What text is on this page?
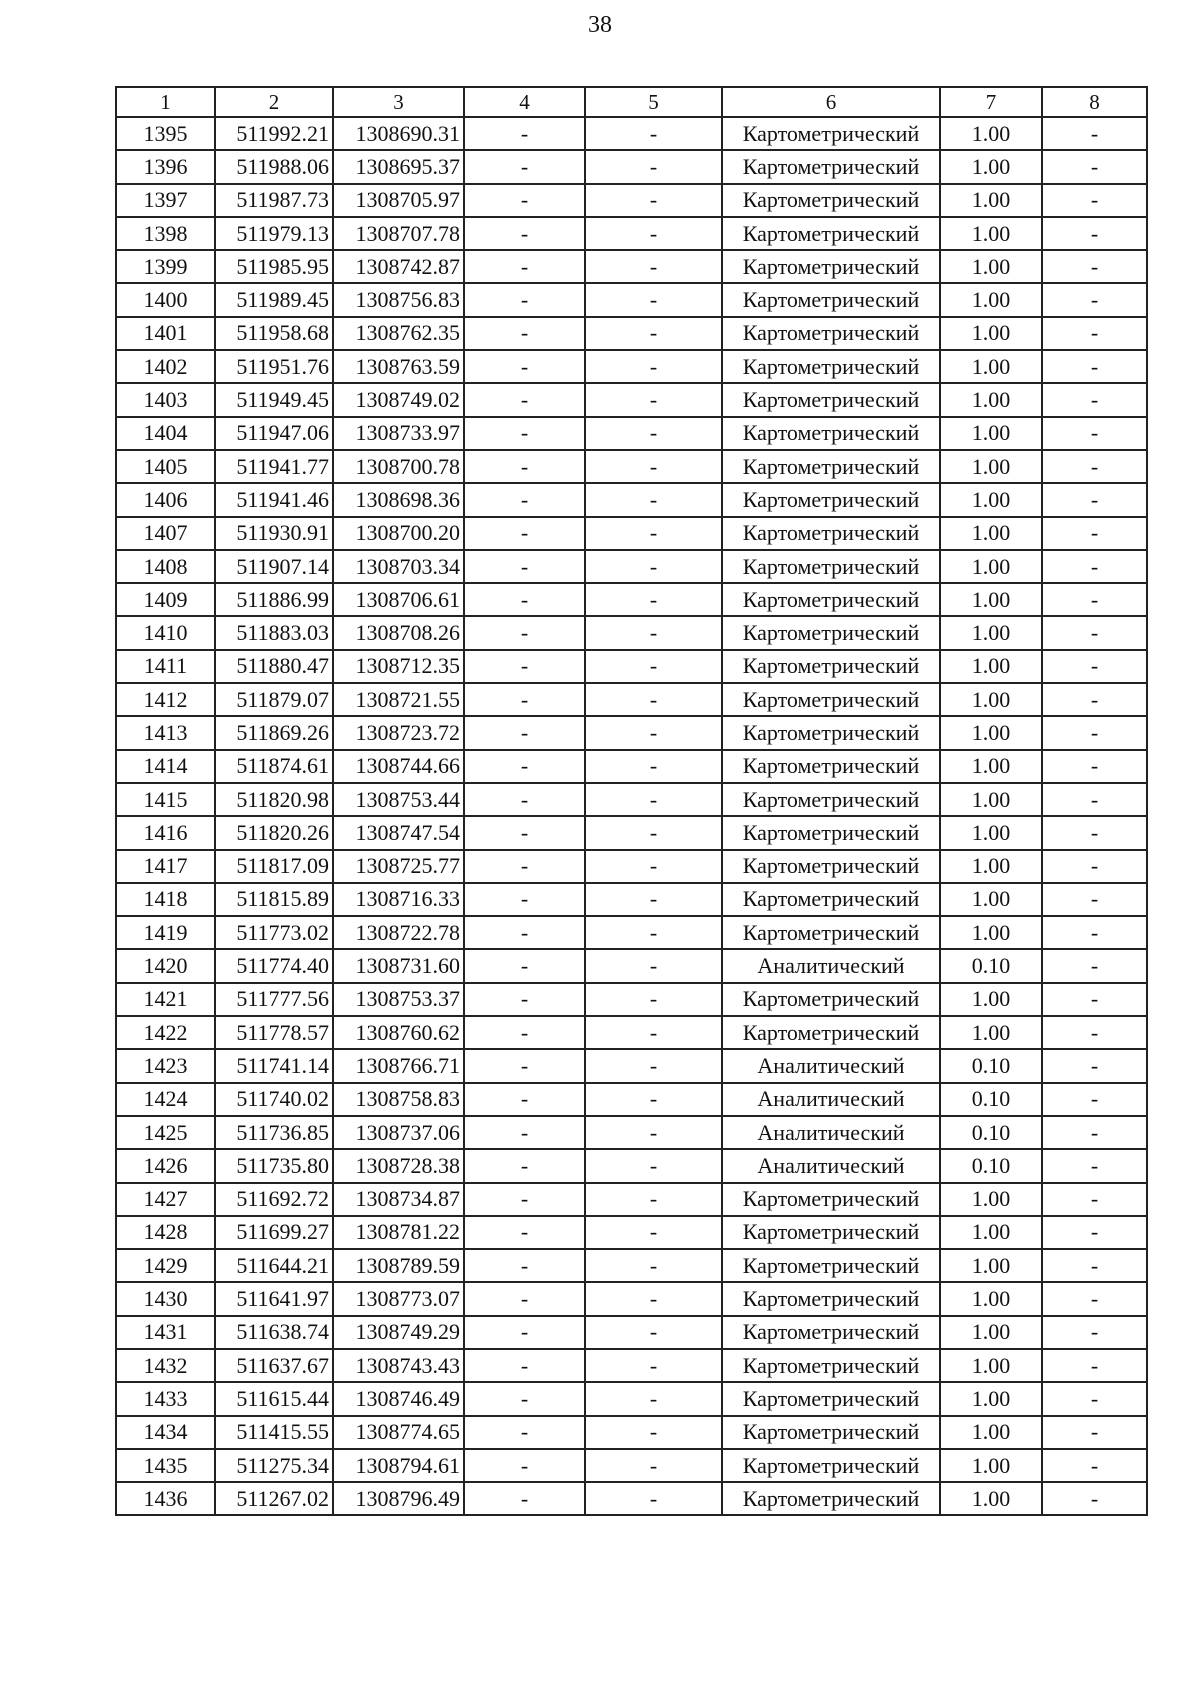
38
1	2	3	4	5	6	7	8
1395	511992.21	1308690.31	-	-	Картометрический	1.00	-
1396	511988.06	1308695.37	-	-	Картометрический	1.00	-
1397	511987.73	1308705.97	-	-	Картометрический	1.00	-
1398	511979.13	1308707.78	-	-	Картометрический	1.00	-
1399	511985.95	1308742.87	-	-	Картометрический	1.00	-
1400	511989.45	1308756.83	-	-	Картометрический	1.00	-
1401	511958.68	1308762.35	-	-	Картометрический	1.00	-
1402	511951.76	1308763.59	-	-	Картометрический	1.00	-
1403	511949.45	1308749.02	-	-	Картометрический	1.00	-
1404	511947.06	1308733.97	-	-	Картометрический	1.00	-
1405	511941.77	1308700.78	-	-	Картометрический	1.00	-
1406	511941.46	1308698.36	-	-	Картометрический	1.00	-
1407	511930.91	1308700.20	-	-	Картометрический	1.00	-
1408	511907.14	1308703.34	-	-	Картометрический	1.00	-
1409	511886.99	1308706.61	-	-	Картометрический	1.00	-
1410	511883.03	1308708.26	-	-	Картометрический	1.00	-
1411	511880.47	1308712.35	-	-	Картометрический	1.00	-
1412	511879.07	1308721.55	-	-	Картометрический	1.00	-
1413	511869.26	1308723.72	-	-	Картометрический	1.00	-
1414	511874.61	1308744.66	-	-	Картометрический	1.00	-
1415	511820.98	1308753.44	-	-	Картометрический	1.00	-
1416	511820.26	1308747.54	-	-	Картометрический	1.00	-
1417	511817.09	1308725.77	-	-	Картометрический	1.00	-
1418	511815.89	1308716.33	-	-	Картометрический	1.00	-
1419	511773.02	1308722.78	-	-	Картометрический	1.00	-
1420	511774.40	1308731.60	-	-	Аналитический	0.10	-
1421	511777.56	1308753.37	-	-	Картометрический	1.00	-
1422	511778.57	1308760.62	-	-	Картометрический	1.00	-
1423	511741.14	1308766.71	-	-	Аналитический	0.10	-
1424	511740.02	1308758.83	-	-	Аналитический	0.10	-
1425	511736.85	1308737.06	-	-	Аналитический	0.10	-
1426	511735.80	1308728.38	-	-	Аналитический	0.10	-
1427	511692.72	1308734.87	-	-	Картометрический	1.00	-
1428	511699.27	1308781.22	-	-	Картометрический	1.00	-
1429	511644.21	1308789.59	-	-	Картометрический	1.00	-
1430	511641.97	1308773.07	-	-	Картометрический	1.00	-
1431	511638.74	1308749.29	-	-	Картометрический	1.00	-
1432	511637.67	1308743.43	-	-	Картометрический	1.00	-
1433	511615.44	1308746.49	-	-	Картометрический	1.00	-
1434	511415.55	1308774.65	-	-	Картометрический	1.00	-
1435	511275.34	1308794.61	-	-	Картометрический	1.00	-
1436	511267.02	1308796.49	-	-	Картометрический	1.00	-
